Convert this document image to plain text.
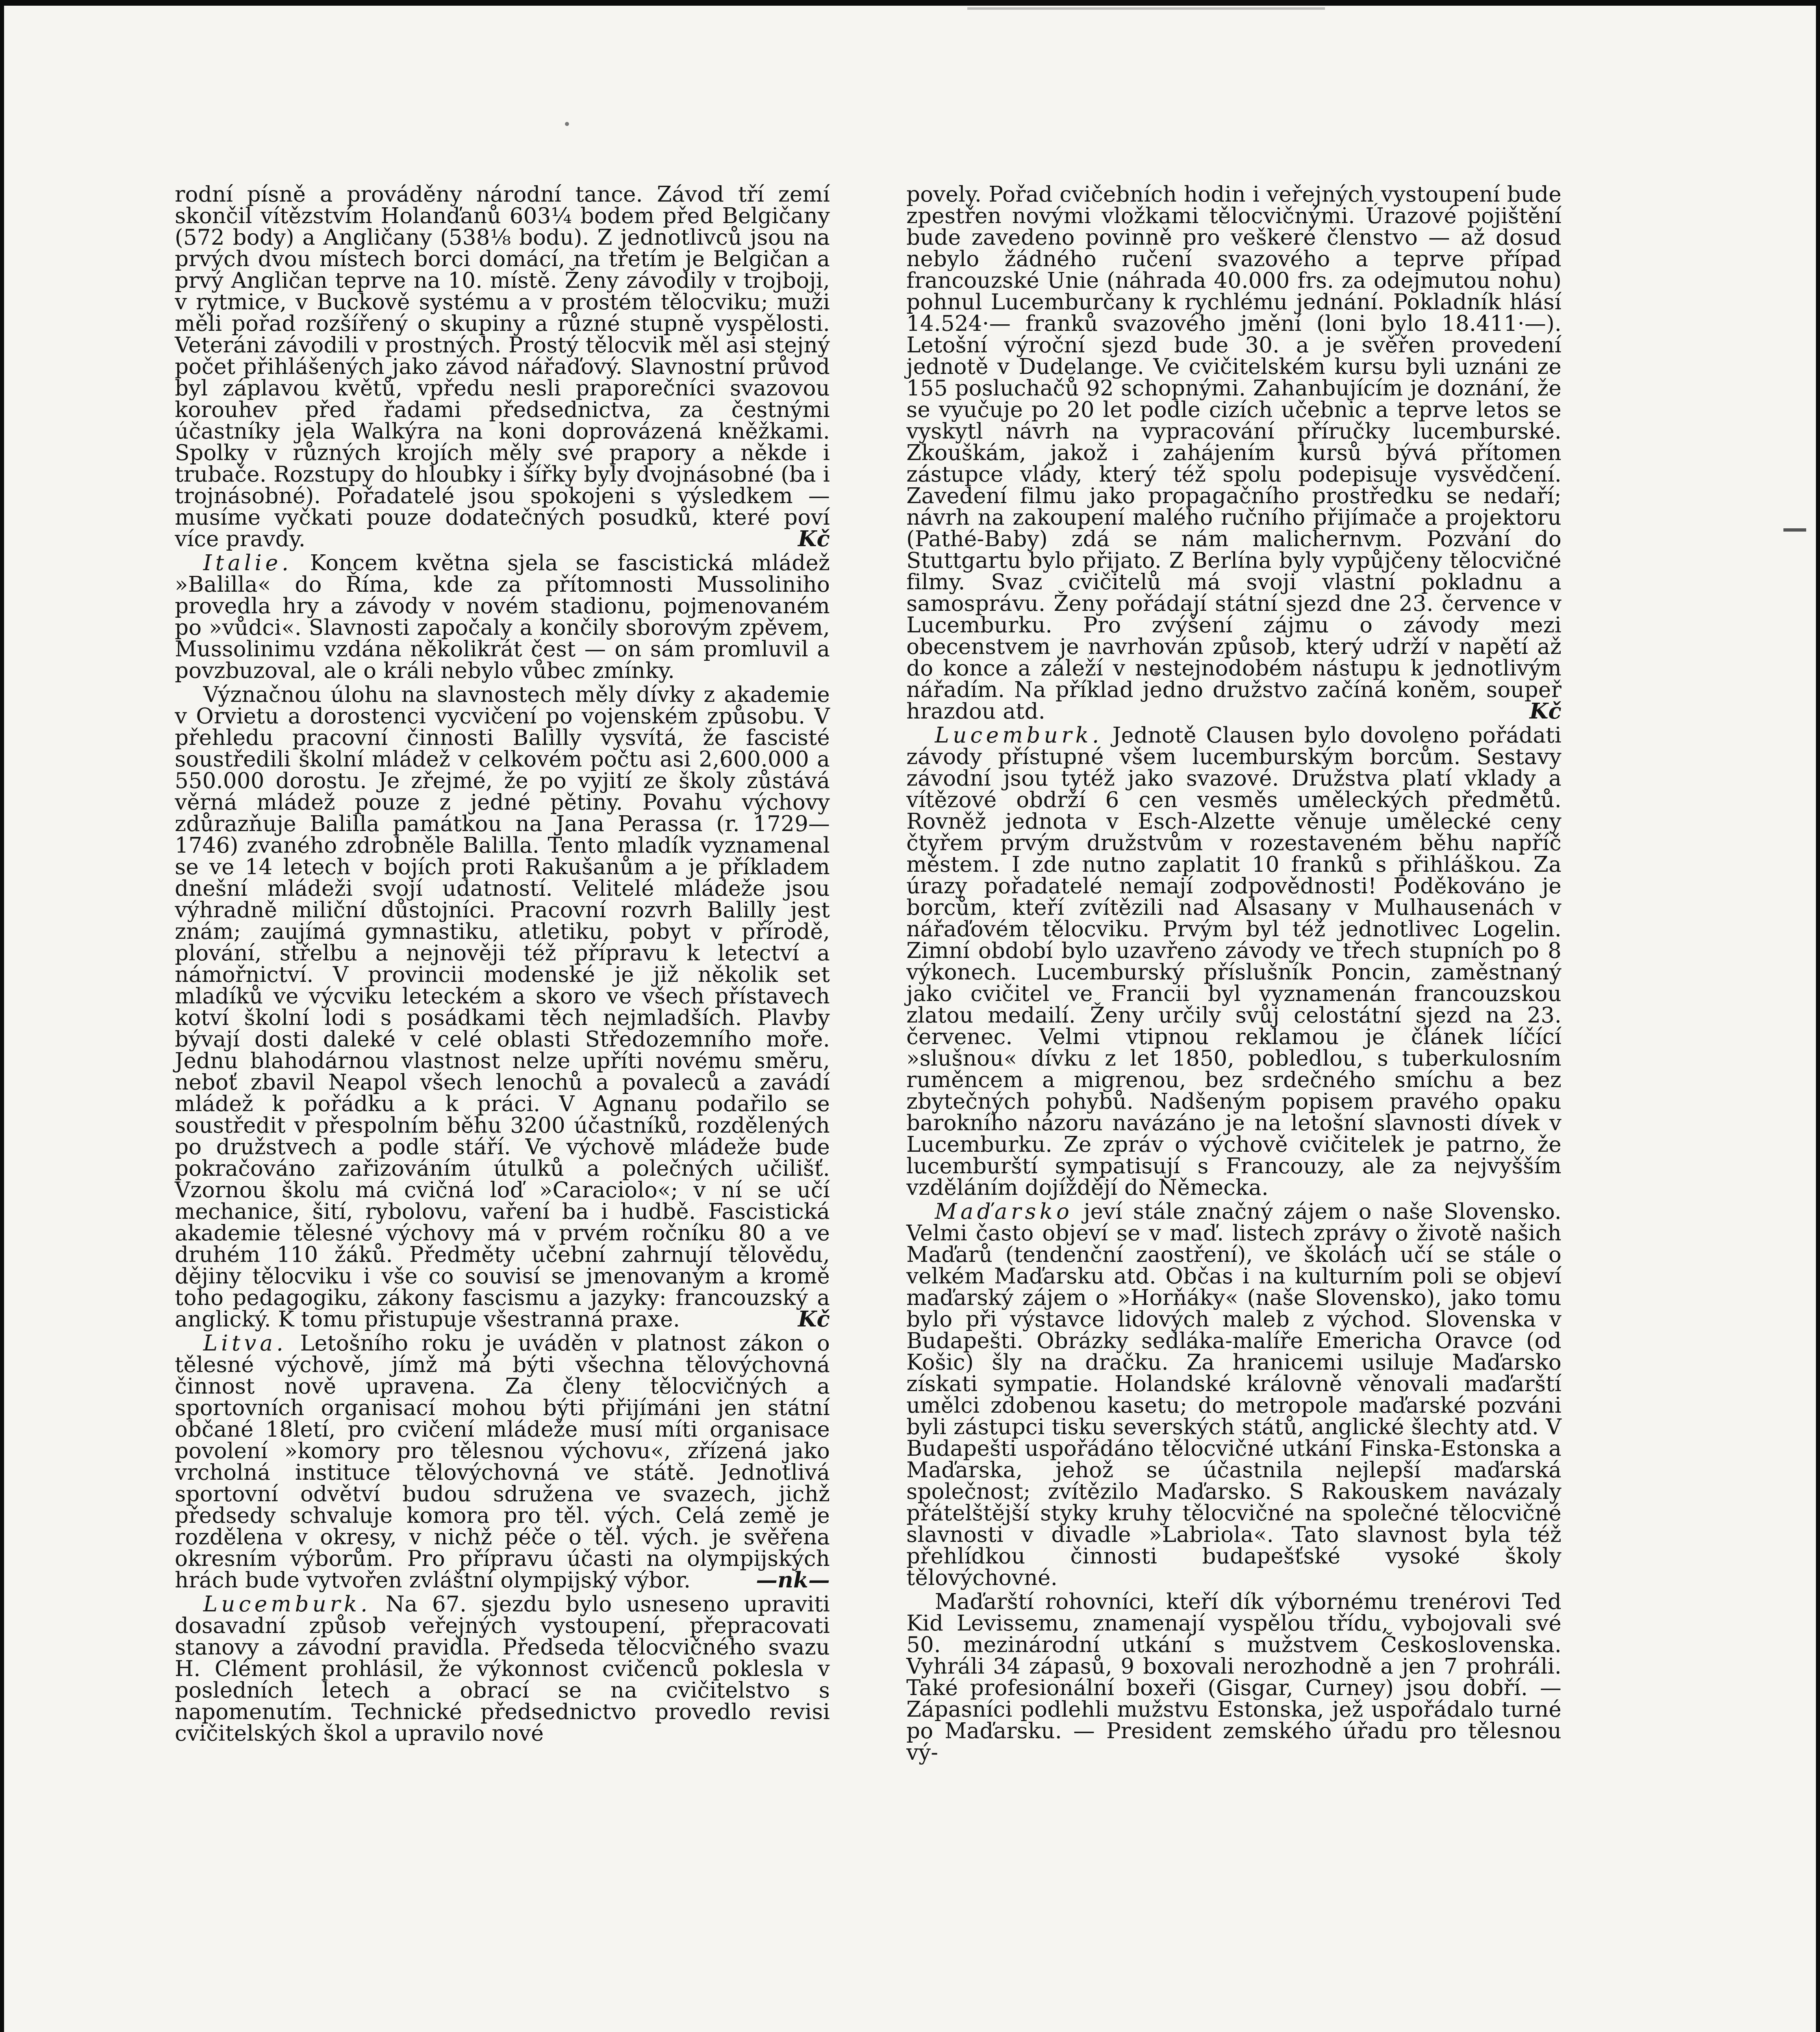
rodní písně a prováděny národní tance. Závod tří zemí skončil vítězstvím Holanďanů 603¼ bodem před Belgičany (572 body) a Angličany (538⅛ bodu). Z jednotlivců jsou na prvých dvou místech borci domácí, na třetím je Belgičan a prvý Angličan teprve na 10. místě. Ženy závodily v trojboji, v rytmice, v Buckově systému a v prostém tělocviku; muži měli pořad rozšířený o skupiny a různé stupně vyspělosti. Veteráni závodili v prostných. Prostý tělocvik měl asi stejný počet přihlášených jako závod nářaďový. Slavnostní průvod byl záplavou květů, vpředu nesli praporečníci svazovou korouhev před řadami předsednictva, za čestnými účastníky jela Walkýra na koni doprovázená kněžkami. Spolky v různých krojích měly své prapory a někde i trubače. Rozstupy do hloubky i šířky byly dvojnásobné (ba i trojnásobné). Pořadatelé jsou spokojeni s výsledkem — musíme vyčkati pouze dodatečných posudků, které poví více pravdy.	Kč

Italie. Koncem května sjela se fascistická mládež »Balilla« do Říma, kde za přítomnosti Mussoliniho provedla hry a závody v novém stadionu, pojmenovaném po »vůdci«. Slavnosti započaly a končily sborovým zpěvem, Mussolinimu vzdána několikrát čest — on sám promluvil a povzbuzoval, ale o králi nebylo vůbec zmínky.

Význačnou úlohu na slavnostech měly dívky z akademie v Orvietu a dorostenci vycvičení po vojenském způsobu. V přehledu pracovní činnosti Balilly vysvítá, že fascisté soustředili školní mládež v celkovém počtu asi 2,600.000 a 550.000 dorostu. Je zřejmé, že po vyjití ze školy zůstává věrná mládež pouze z jedné pětiny. Povahu výchovy zdůrazňuje Balilla památkou na Jana Perassa (r. 1729—1746) zvaného zdrobněle Balilla. Tento mladík vyznamenal se ve 14 letech v bojích proti Rakušanům a je příkladem dnešní mládeži svojí udatností. Velitelé mládeže jsou výhradně miliční důstojníci. Pracovní rozvrh Balilly jest znám; zaujímá gymnastiku, atletiku, pobyt v přírodě, plování, střelbu a nejnověji též přípravu k letectví a námořnictví. V provincii modenské je již několik set mladíků ve výcviku leteckém a skoro ve všech přístavech kotví školní lodi s posádkami těch nejmladších. Plavby bývají dosti daleké v celé oblasti Středozemního moře. Jednu blahodárnou vlastnost nelze upříti novému směru, neboť zbavil Neapol všech lenochů a povaleců a zavádí mládež k pořádku a k práci. V Agnanu podařilo se soustředit v přespolním běhu 3200 účastníků, rozdělených po družstvech a podle stáří. Ve výchově mládeže bude pokračováno zařizováním útulků a polečných učilišť. Vzornou školu má cvičná loď »Caraciolo«; v ní se učí mechanice, šití, rybolovu, vaření ba i hudbě. Fascistická akademie tělesné výchovy má v prvém ročníku 80 a ve druhém 110 žáků. Předměty učební zahrnují tělovědu, dějiny tělocviku i vše co souvisí se jmenovaným a kromě toho pedagogiku, zákony fascismu a jazyky: francouzský a anglický. K tomu přistupuje všestranná praxe.	Kč

Litva. Letošního roku je uváděn v platnost zákon o tělesné výchově, jímž má býti všechna tělovýchovná činnost nově upravena. Za členy tělocvičných a sportovních organisací mohou býti přijímáni jen státní občané 18letí, pro cvičení mládeže musí míti organisace povolení »komory pro tělesnou výchovu«, zřízená jako vrcholná instituce tělovýchovná ve státě. Jednotlivá sportovní odvětví budou sdružena ve svazech, jichž předsedy schvaluje komora pro těl. vých. Celá země je rozdělena v okresy, v nichž péče o těl. vých. je svěřena okresním výborům. Pro přípravu účasti na olympijských hrách bude vytvořen zvláštní olympijský výbor.	—nk—

Lucemburk. Na 67. sjezdu bylo usneseno upraviti dosavadní způsob veřejných vystoupení, přepracovati stanovy a závodní pravidla. Předseda tělocvičného svazu H. Clément prohlásil, že výkonnost cvičenců poklesla v posledních letech a obrací se na cvičitelstvo s napomenutím. Technické předsednictvo provedlo revisi cvičitelských škol a upravilo nové

povely. Pořad cvičebních hodin i veřejných vystoupení bude zpestřen novými vložkami tělocvičnými. Úrazové pojištění bude zavedeno povinně pro veškeré členstvo — až dosud nebylo žádného ručení svazového a teprve případ francouzské Unie (náhrada 40.000 frs. za odejmutou nohu) pohnul Lucemburčany k rychlému jednání. Pokladník hlásí 14.524·— franků svazového jmění (loni bylo 18.411·—). Letošní výroční sjezd bude 30. a je svěřen provedení jednotě v Dudelange. Ve cvičitelském kursu byli uznáni ze 155 posluchačů 92 schopnými. Zahanbujícím je doznání, že se vyučuje po 20 let podle cizích učebnic a teprve letos se vyskytl návrh na vypracování příručky lucemburské. Zkouškám, jakož i zahájením kursů bývá přítomen zástupce vlády, který též spolu podepisuje vysvědčení. Zavedení filmu jako propagačního prostředku se nedaří; návrh na zakoupení malého ručního přijímače a projektoru (Pathé-Baby) zdá se nám malichernvm. Pozvání do Stuttgartu bylo přijato. Z Berlína byly vypůjčeny tělocvičné filmy. Svaz cvičitelů má svoji vlastní pokladnu a samosprávu. Ženy pořádají státní sjezd dne 23. července v Lucemburku. Pro zvýšení zájmu o závody mezi obecenstvem je navrhován způsob, který udrží v napětí až do konce a záleží v nestejnodobém nástupu k jednotlivým nářadím. Na příklad jedno družstvo začíná koněm, soupeř hrazdou atd.	Kč

Lucemburk. Jednotě Clausen bylo dovoleno pořádati závody přístupné všem lucemburským borcům. Sestavy závodní jsou tytéž jako svazové. Družstva platí vklady a vítězové obdrží 6 cen vesměs uměleckých předmětů. Rovněž jednota v Esch-Alzette věnuje umělecké ceny čtyřem prvým družstvům v rozestaveném běhu napříč městem. I zde nutno zaplatit 10 franků s přihláškou. Za úrazy pořadatelé nemají zodpovědnosti! Poděkováno je borcům, kteří zvítězili nad Alsasany v Mulhausenách v nářaďovém tělocviku. Prvým byl též jednotlivec Logelin. Zimní období bylo uzavřeno závody ve třech stupních po 8 výkonech. Lucemburský příslušník Poncin, zaměstnaný jako cvičitel ve Francii byl vyznamenán francouzskou zlatou medailí. Ženy určily svůj celostátní sjezd na 23. červenec. Velmi vtipnou reklamou je článek líčící »slušnou« dívku z let 1850, pobledlou, s tuberkulosním ruměncem a migrenou, bez srdečného smíchu a bez zbytečných pohybů. Nadšeným popisem pravého opaku barokního názoru navázáno je na letošní slavnosti dívek v Lucemburku. Ze zpráv o výchově cvičitelek je patrno, že lucemburští sympatisují s Francouzy, ale za nejvyšším vzděláním dojíždějí do Německa.

Maďarsko jeví stále značný zájem o naše Slovensko. Velmi často objeví se v maď. listech zprávy o životě našich Maďarů (tendenční zaostření), ve školách učí se stále o velkém Maďarsku atd. Občas i na kulturním poli se objeví maďarský zájem o »Horňáky« (naše Slovensko), jako tomu bylo při výstavce lidových maleb z východ. Slovenska v Budapešti. Obrázky sedláka-malíře Emericha Oravce (od Košic) šly na dračku. Za hranicemi usiluje Maďarsko získati sympatie. Holandské královně věnovali maďarští umělci zdobenou kasetu; do metropole maďarské pozváni byli zástupci tisku severských států, anglické šlechty atd. V Budapešti uspořádáno tělocvičné utkání Finska-Estonska a Maďarska, jehož se účastnila nejlepší maďarská společnost; zvítězilo Maďarsko. S Rakouskem navázaly přátelštější styky kruhy tělocvičné na společné tělocvičné slavnosti v divadle »Labriola«. Tato slavnost byla též přehlídkou činnosti budapešťské vysoké školy tělovýchovné.

Maďarští rohovníci, kteří dík výbornému trenérovi Ted Kid Levissemu, znamenají vyspělou třídu, vybojovali své 50. mezinárodní utkání s mužstvem Československa. Vyhráli 34 zápasů, 9 boxovali nerozhodně a jen 7 prohráli. Také profesionální boxeři (Gisgar, Curney) jsou dobří. — Zápasníci podlehli mužstvu Estonska, jež uspořádalo turné po Maďarsku. — President zemského úřadu pro tělesnou vý-
